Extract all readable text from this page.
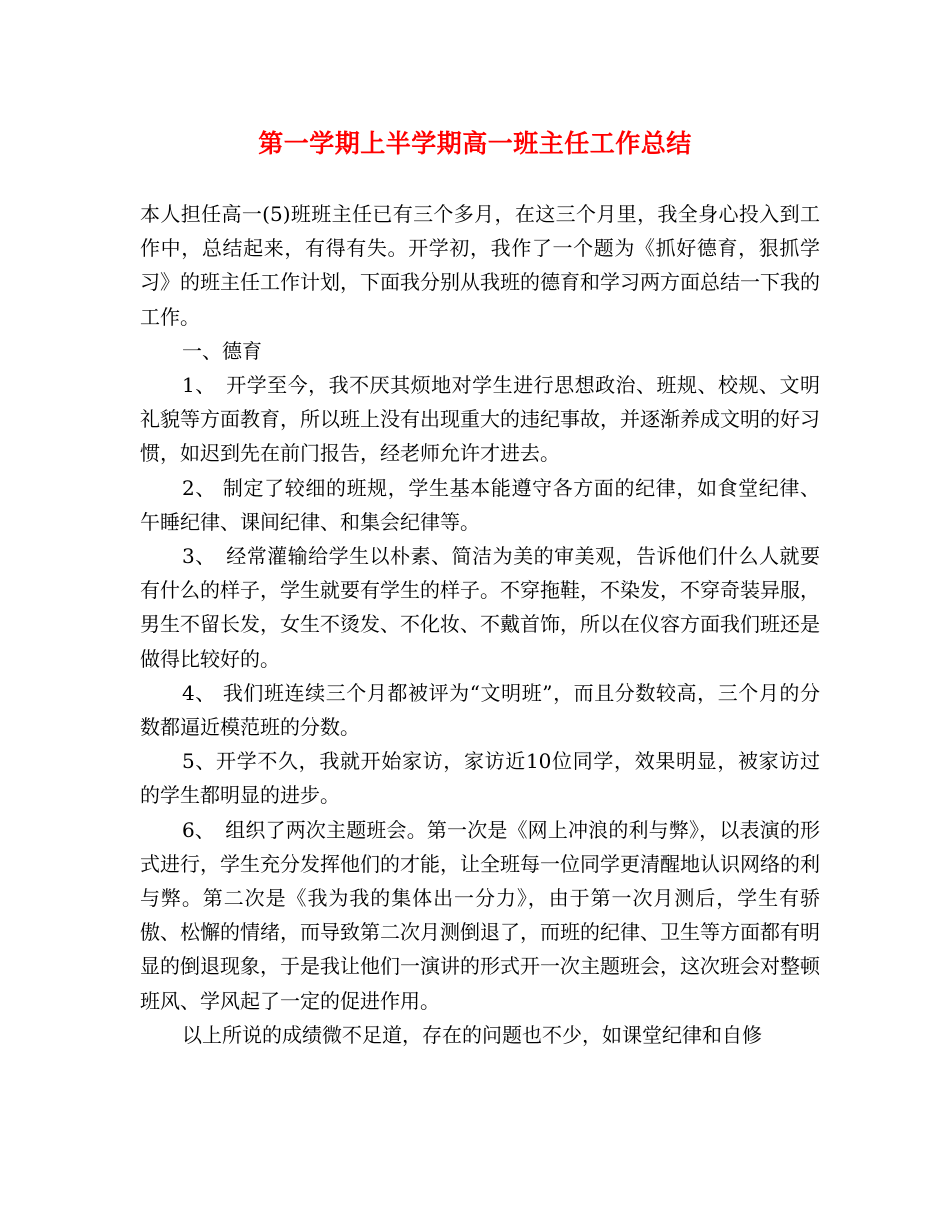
第一学期上半学期高一班主任工作总结

本人担任高一(5)班班主任已有三个多月，在这三个月里，我全身心投入到工作中，总结起来，有得有失。开学初，我作了一个题为《抓好德育，狠抓学习》的班主任工作计划，下面我分别从我班的德育和学习两方面总结一下我的工作。

一、德育

1、　开学至今，我不厌其烦地对学生进行思想政治、班规、校规、文明礼貌等方面教育，所以班上没有出现重大的违纪事故，并逐渐养成文明的好习惯，如迟到先在前门报告，经老师允许才进去。

2、 制定了较细的班规，学生基本能遵守各方面的纪律，如食堂纪律、午睡纪律、课间纪律、和集会纪律等。

3、　经常灌输给学生以朴素、简洁为美的审美观，告诉他们什么人就要有什么的样子，学生就要有学生的样子。不穿拖鞋，不染发，不穿奇装异服，男生不留长发，女生不烫发、不化妆、不戴首饰，所以在仪容方面我们班还是做得比较好的。

4、 我们班连续三个月都被评为“文明班”，而且分数较高，三个月的分数都逼近模范班的分数。

5、开学不久，我就开始家访，家访近10位同学，效果明显，被家访过的学生都明显的进步。

6、　组织了两次主题班会。第一次是《网上冲浪的利与弊》，以表演的形式进行，学生充分发挥他们的才能，让全班每一位同学更清醒地认识网络的利与弊。第二次是《我为我的集体出一分力》，由于第一次月测后，学生有骄傲、松懈的情绪，而导致第二次月测倒退了，而班的纪律、卫生等方面都有明显的倒退现象，于是我让他们一演讲的形式开一次主题班会，这次班会对整顿班风、学风起了一定的促进作用。

以上所说的成绩微不足道，存在的问题也不少，如课堂纪律和自修
